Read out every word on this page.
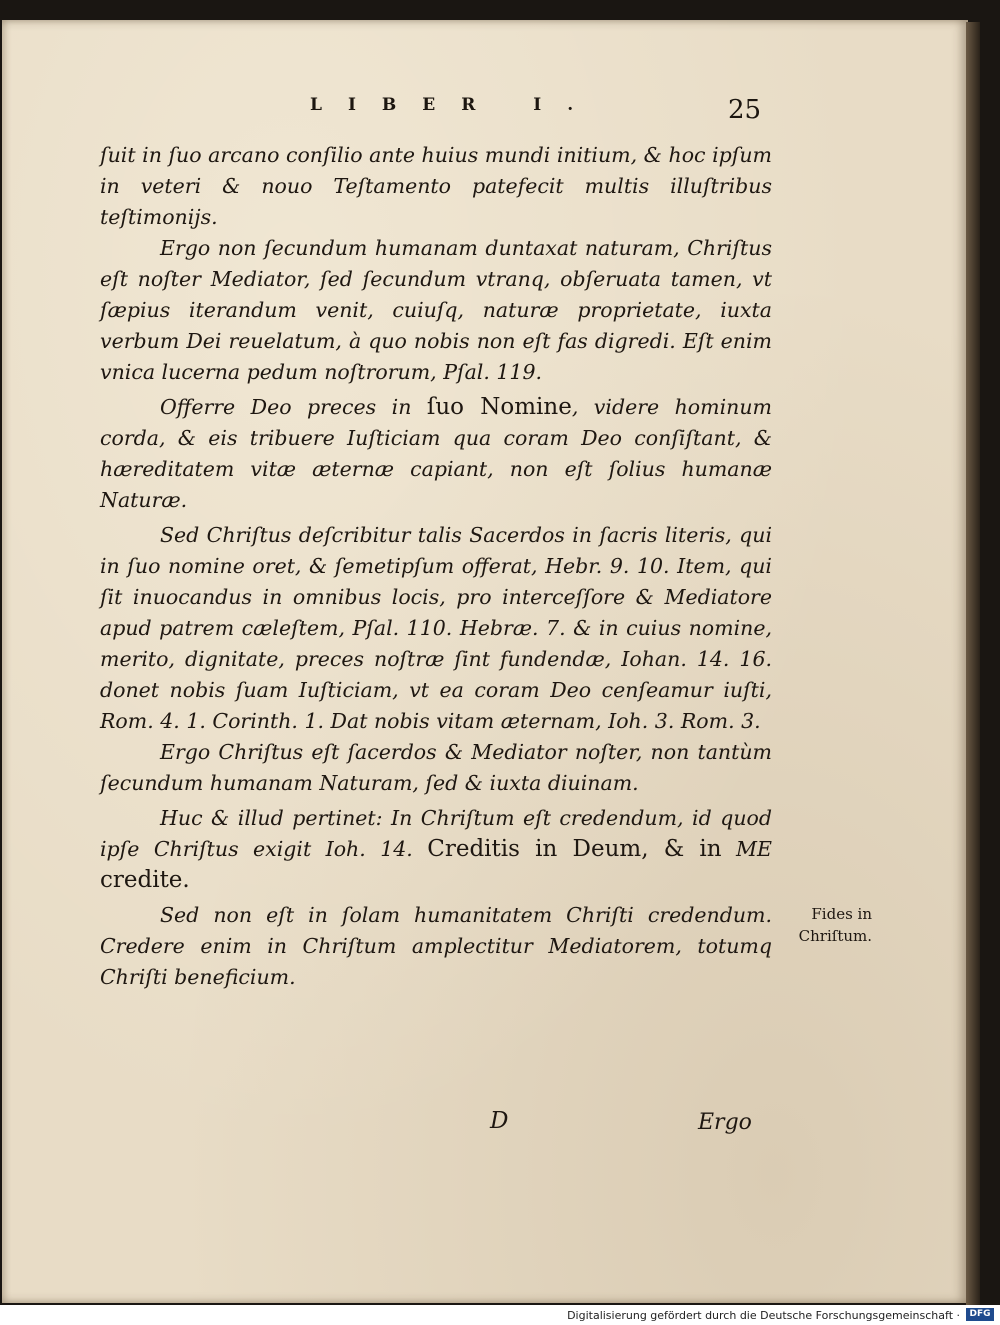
LIBER I.	25

ſuit in ſuo arcano conſilio ante huius mundi initium, & hoc ipſum in veteri & nouo Teſtamento patefecit multis illuſtribus teſtimonijs.

Ergo non ſecundum humanam duntaxat naturam, Chriſtus eſt noſter Mediator, ſed ſecundum vtranq, obſeruata tamen, vt ſæpius iterandum venit, cuiuſq, naturæ proprietate, iuxta verbum Dei reuelatum, à quo nobis non eſt fas digredi. Eſt enim vnica lucerna pedum noſtrorum, Pſal. 119.

Offerre Deo preces in ſuo Nomine, videre hominum corda, & eis tribuere Iuſticiam qua coram Deo conſiſtant, & hæreditatem vitæ æternæ capiant, non eſt ſolius humanæ Naturæ.

Sed Chriſtus deſcribitur talis Sacerdos in ſacris literis, qui in ſuo nomine oret, & ſemetipſum offerat, Hebr. 9. 10. Item, qui ſit inuocandus in omnibus locis, pro interceſſore & Mediatore apud patrem cæleſtem, Pſal. 110. Hebræ. 7. & in cuius nomine, merito, dignitate, preces noſtræ ſint fundendæ, Iohan. 14. 16. donet nobis ſuam Iuſticiam, vt ea coram Deo cenſeamur iuſti, Rom. 4. 1. Corinth. 1. Dat nobis vitam æternam, Ioh. 3. Rom. 3.

Ergo Chriſtus eſt ſacerdos & Mediator noſter, non tantùm ſecundum humanam Naturam, ſed & iuxta diuinam.

Huc & illud pertinet: In Chriſtum eſt credendum, id quod ipſe Chriſtus exigit Ioh. 14. Creditis in Deum, & in ME credite.

Sed non eſt in ſolam humanitatem Chriſti credendum. Credere enim in Chriſtum amplectitur Mediatorem, totumq Chriſti beneficium.

Fides in
Chriſtum.
D	Ergo
Digitalisierung gefördert durch die Deutsche Forschungsgemeinschaft ·	DFG
